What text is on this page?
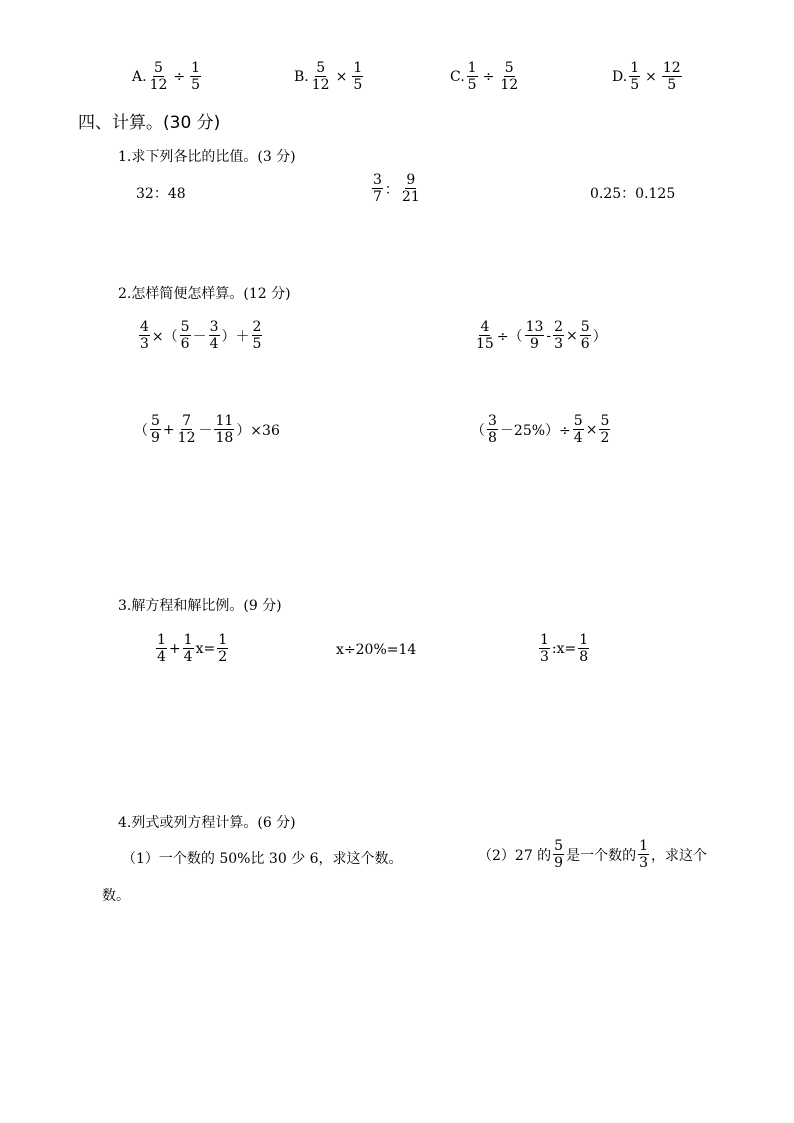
A. $\frac{5}{12} \div \frac{1}{5}$	B. $\frac{5}{12} \times \frac{1}{5}$	C. $\frac{1}{5} \div \frac{5}{12}$	D. $\frac{1}{5} \times \frac{12}{5}$
四、计算。(30 分)
1.求下列各比的比值。(3 分)
32：48	$\frac{3}{7}$ ： $\frac{9}{21}$	0.25：0.125
2.怎样简便怎样算。(12 分)
$\frac{4}{3}$ ×（ $\frac{5}{6} - \frac{3}{4}$ ）＋ $\frac{2}{5}$	$\frac{4}{15}$ ÷（ $\frac{13}{9} - \frac{2}{3} \times \frac{5}{6}$ ）
（ $\frac{5}{9} + \frac{7}{12} - \frac{11}{18} )\times 36$	（ $\frac{3}{8} -25\%)\div \frac{5}{4} \times \frac{5}{2}$
3.解方程和解比例。(9 分)
$\frac{1}{4} + \frac{1}{4} x= \frac{1}{2}$	x÷20%=14	$\frac{1}{3}$ :x= $\frac{1}{8}$
4.列式或列方程计算。(6 分)
（1）一个数的 50%比 30 少 6，求这个数。	（2）27 的 $\frac{5}{9}$ 是一个数的 $\frac{1}{3}$ ，求这个
数。
